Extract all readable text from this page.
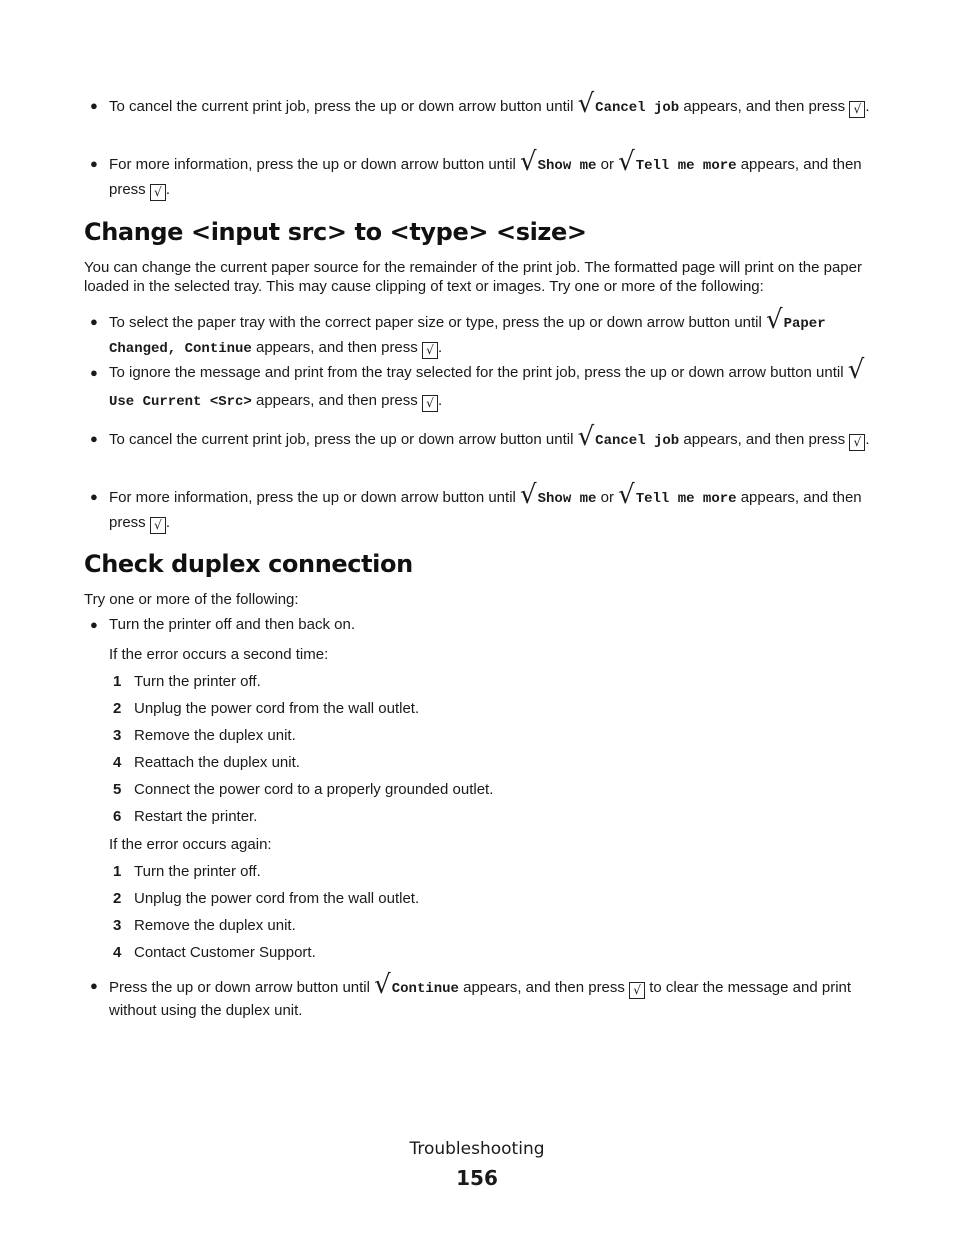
● To cancel the current print job, press the up or down arrow button until √Cancel job appears, and then press √ .
● For more information, press the up or down arrow button until √Show me or √Tell me more appears, and then press √ .
Change <input src> to <type> <size>
You can change the current paper source for the remainder of the print job. The formatted page will print on the paper loaded in the selected tray. This may cause clipping of text or images. Try one or more of the following:
● To select the paper tray with the correct paper size or type, press the up or down arrow button until √Paper Changed, Continue appears, and then press √ .
● To ignore the message and print from the tray selected for the print job, press the up or down arrow button until √Use Current <Src> appears, and then press √ .
● To cancel the current print job, press the up or down arrow button until √Cancel job appears, and then press √ .
● For more information, press the up or down arrow button until √Show me or √Tell me more appears, and then press √ .
Check duplex connection
Try one or more of the following:
● Turn the printer off and then back on.
If the error occurs a second time:
1 Turn the printer off.
2 Unplug the power cord from the wall outlet.
3 Remove the duplex unit.
4 Reattach the duplex unit.
5 Connect the power cord to a properly grounded outlet.
6 Restart the printer.
If the error occurs again:
1 Turn the printer off.
2 Unplug the power cord from the wall outlet.
3 Remove the duplex unit.
4 Contact Customer Support.
● Press the up or down arrow button until √Continue appears, and then press √ to clear the message and print without using the duplex unit.
Troubleshooting
156
